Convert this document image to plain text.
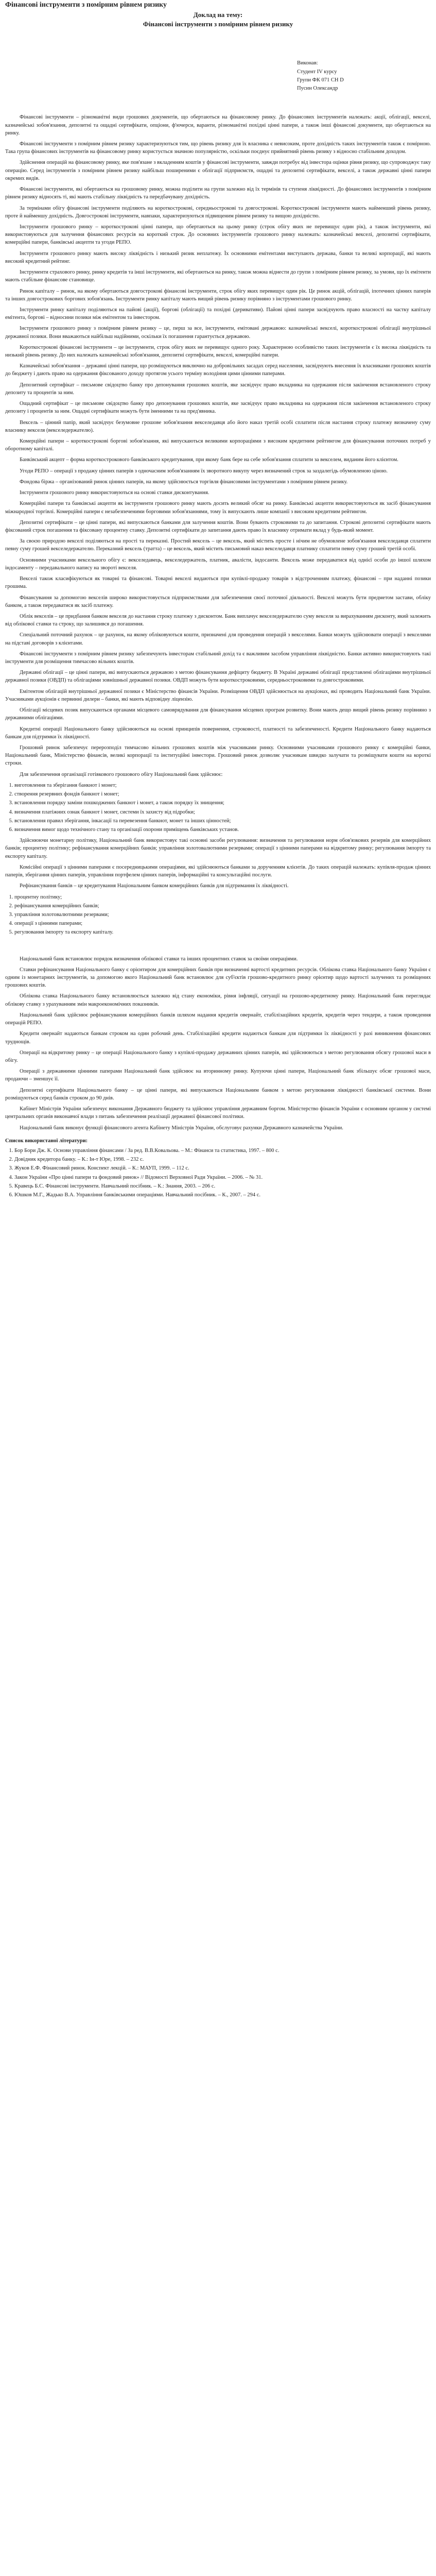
Фінансові інструменти з помірним рівнем ризику
Доклад на тему:
Фінансові інструменти з помірним рівнем ризику
Виконав:
Студент IV курсу
Групи ФК 071 СН D
Пусин Олександр

Фінансові інструменти – різноманітні види грошових документів, що обертаються на фінансовому ринку. До фінансових інструментів належать: акції, облігації, векселі, казначейські зобов'язання, депозитні та ощадні сертифікати, опціони, ф'ючерси, варанти, різноманітні похідні цінні папери, а також інші фінансові документи, що обертаються на ринку.

Фінансові інструменти з помірним рівнем ризику характеризуються тим, що рівень ризику для їх власника є невисоким, проте дохідність таких інструментів також є помірною. Така група фінансових інструментів на фінансовому ринку користується значною популярністю, оскільки поєднує прийнятний рівень ризику з відносно стабільним доходом.

Здійснення операцій на фінансовому ринку, яке пов'язане з вкладенням коштів у фінансові інструменти, завжди потребує від інвестора оцінки рівня ризику, що супроводжує таку операцію. Серед інструментів з помірним рівнем ризику найбільш поширеними є облігації підприємств, ощадні та депозитні сертифікати, векселі, а також державні цінні папери окремих видів.

Фінансові інструменти, які обертаються на грошовому ринку, можна поділити на групи залежно від їх термінів та ступеня ліквідності. До фінансових інструментів з помірним рівнем ризику відносять ті, які мають стабільну ліквідність та передбачувану дохідність.

За термінами обігу фінансові інструменти поділяють на короткострокові, середньострокові та довгострокові. Короткострокові інструменти мають найменший рівень ризику, проте й найменшу дохідність. Довгострокові інструменти, навпаки, характеризуються підвищеним рівнем ризику та вищою дохідністю.

Інструменти грошового ринку – короткострокові цінні папери, що обертаються на цьому ринку (строк обігу яких не перевищує один рік), а також інструменти, які використовуються для залучення фінансових ресурсів на короткий строк. До основних інструментів грошового ринку належать: казначейські векселі, депозитні сертифікати, комерційні папери, банківські акцепти та угоди РЕПО.

Інструменти грошового ринку мають високу ліквідність і низький ризик неплатежу. Їх основними емітентами виступають держава, банки та великі корпорації, які мають високий кредитний рейтинг.

Інструменти страхового ринку, ринку кредитів та інші інструменти, які обертаються на ринку, також можна віднести до групи з помірним рівнем ризику, за умови, що їх емітенти мають стабільне фінансове становище.

Ринок капіталу – ринок, на якому обертаються довгострокові фінансові інструменти, строк обігу яких перевищує один рік. Це ринок акцій, облігацій, іпотечних цінних паперів та інших довгострокових боргових зобов'язань. Інструменти ринку капіталу мають вищий рівень ризику порівняно з інструментами грошового ринку.

Інструменти ринку капіталу поділяються на пайові (акції), боргові (облігації) та похідні (деривативи). Пайові цінні папери засвідчують право власності на частку капіталу емітента, боргові – відносини позики між емітентом та інвестором.

Інструменти грошового ринку з помірним рівнем ризику – це, перш за все, інструменти, емітовані державою: казначейські векселі, короткострокові облігації внутрішньої державної позики. Вони вважаються найбільш надійними, оскільки їх погашення гарантується державою.

Короткострокові фінансові інструменти – це інструменти, строк обігу яких не перевищує одного року. Характерною особливістю таких інструментів є їх висока ліквідність та низький рівень ризику. До них належать казначейські зобов'язання, депозитні сертифікати, векселі, комерційні папери.

Казначейські зобов'язання – державні цінні папери, що розміщуються виключно на добровільних засадах серед населення, засвідчують внесення їх власниками грошових коштів до бюджету і дають право на одержання фіксованого доходу протягом усього терміну володіння цими цінними паперами.

Депозитний сертифікат – письмове свідоцтво банку про депонування грошових коштів, яке засвідчує право вкладника на одержання після закінчення встановленого строку депозиту та процентів за ним.

Ощадний сертифікат – це письмове свідоцтво банку про депонування грошових коштів, яке засвідчує право вкладника на одержання після закінчення встановленого строку депозиту і процентів за ним. Ощадні сертифікати можуть бути іменними та на пред'явника.

Вексель – цінний папір, який засвідчує безумовне грошове зобов'язання векселедавця або його наказ третій особі сплатити після настання строку платежу визначену суму власнику векселя (векселедержателю).

Комерційні папери – короткострокові боргові зобов'язання, які випускаються великими корпораціями з високим кредитним рейтингом для фінансування поточних потреб у оборотному капіталі.

Банківський акцепт – форма короткострокового банківського кредитування, при якому банк бере на себе зобов'язання сплатити за векселем, виданим його клієнтом.

Угоди РЕПО – операції з продажу цінних паперів з одночасним зобов'язанням їх зворотного викупу через визначений строк за заздалегідь обумовленою ціною.

Фондова біржа – організований ринок цінних паперів, на якому здійснюється торгівля фінансовими інструментами з помірним рівнем ризику.

Інструменти грошового ринку використовуються на основі ставки дисконтування.

Комерційні папери та банківські акцепти як інструменти грошового ринку мають досить великий обсяг на ринку. Банківські акцепти використовуються як засіб фінансування міжнародної торгівлі. Комерційні папери є незабезпеченими борговими зобов'язаннями, тому їх випускають лише компанії з високим кредитним рейтингом.

Депозитні сертифікати – це цінні папери, які випускаються банками для залучення коштів. Вони бувають строковими та до запитання. Строкові депозитні сертифікати мають фіксований строк погашення та фіксовану процентну ставку. Депозитні сертифікати до запитання дають право їх власнику отримати вклад у будь-який момент.

За своєю природою векселі поділяються на прості та переказні. Простий вексель – це вексель, який містить просте і нічим не обумовлене зобов'язання векселедавця сплатити певну суму грошей векселедержателю. Переказний вексель (тратта) – це вексель, який містить письмовий наказ векселедавця платнику сплатити певну суму грошей третій особі.

Основними учасниками вексельного обігу є: векселедавець, векселедержатель, платник, авалісти, індосанти. Вексель може передаватися від однієї особи до іншої шляхом індосаменту – передавального напису на звороті векселя.

Векселі також класифікуються як товарні та фінансові. Товарні векселі видаються при купівлі-продажу товарів з відстроченням платежу, фінансові – при наданні позики грошима.

Фінансування за допомогою векселів широко використовується підприємствами для забезпечення своєї поточної діяльності. Векселі можуть бути предметом застави, обліку банком, а також передаватися як засіб платежу.

Облік векселів – це придбання банком векселя до настання строку платежу з дисконтом. Банк виплачує векселедержателю суму векселя за вирахуванням дисконту, який залежить від облікової ставки та строку, що залишився до погашення.

Спеціальний поточний рахунок – це рахунок, на якому обліковуються кошти, призначені для проведення операцій з векселями. Банки можуть здійснювати операції з векселями на підставі договорів з клієнтами.

Фінансові інструменти з помірним рівнем ризику забезпечують інвесторам стабільний дохід та є важливим засобом управління ліквідністю. Банки активно використовують такі інструменти для розміщення тимчасово вільних коштів.

Державні облігації – це цінні папери, які випускаються державою з метою фінансування дефіциту бюджету. В Україні державні облігації представлені облігаціями внутрішньої державної позики (ОВДП) та облігаціями зовнішньої державної позики. ОВДП можуть бути короткостроковими, середньостроковими та довгостроковими.

Емітентом облігацій внутрішньої державної позики є Міністерство фінансів України. Розміщення ОВДП здійснюється на аукціонах, які проводить Національний банк України. Учасниками аукціонів є первинні дилери – банки, які мають відповідну ліцензію.

Облігації місцевих позик випускаються органами місцевого самоврядування для фінансування місцевих програм розвитку. Вони мають дещо вищий рівень ризику порівняно з державними облігаціями.

Кредитні операції Національного банку здійснюються на основі принципів повернення, строковості, платності та забезпеченості. Кредити Національного банку надаються банкам для підтримки їх ліквідності.

Грошовий ринок забезпечує перерозподіл тимчасово вільних грошових коштів між учасниками ринку. Основними учасниками грошового ринку є комерційні банки, Національний банк, Міністерство фінансів, великі корпорації та інституційні інвестори. Грошовий ринок дозволяє учасникам швидко залучати та розміщувати кошти на короткі строки.

Для забезпечення організації готівкового грошового обігу Національний банк здійснює:

1. виготовлення та зберігання банкнот і монет;
2. створення резервних фондів банкнот і монет;
3. встановлення порядку заміни пошкоджених банкнот і монет, а також порядку їх знищення;
4. визначення платіжних ознак банкнот і монет, системи їх захисту від підробки;
5. встановлення правил зберігання, інкасації та перевезення банкнот, монет та інших цінностей;
6. визначення вимог щодо технічного стану та організації охорони приміщень банківських установ.

Здійснюючи монетарну політику, Національний банк використовує такі основні засоби регулювання: визначення та регулювання норм обов'язкових резервів для комерційних банків; процентну політику; рефінансування комерційних банків; управління золотовалютними резервами; операції з цінними паперами на відкритому ринку; регулювання імпорту та експорту капіталу.

Комісійні операції з цінними паперами є посередницькими операціями, які здійснюються банками за дорученням клієнтів. До таких операцій належать: купівля-продаж цінних паперів, зберігання цінних паперів, управління портфелем цінних паперів, інформаційні та консультаційні послуги.

Рефінансування банків – це кредитування Національним банком комерційних банків для підтримання їх ліквідності.

1. процентну політику;
2. рефінансування комерційних банків;
3. управління золотовалютними резервами;
4. операції з цінними паперами;
5. регулювання імпорту та експорту капіталу.

Національний банк встановлює порядок визначення облікової ставки та інших процентних ставок за своїми операціями.

Ставки рефінансування Національного банку є орієнтиром для комерційних банків при визначенні вартості кредитних ресурсів. Облікова ставка Національного банку України є одним із монетарних інструментів, за допомогою якого Національний банк встановлює для суб'єктів грошово-кредитного ринку орієнтир щодо вартості залучених та розміщених грошових коштів.

Облікова ставка Національного банку встановлюється залежно від стану економіки, рівня інфляції, ситуації на грошово-кредитному ринку. Національний банк переглядає облікову ставку з урахуванням змін макроекономічних показників.

Національний банк здійснює рефінансування комерційних банків шляхом надання кредитів овернайт, стабілізаційних кредитів, кредитів через тендери, а також проведення операцій РЕПО.

Кредити овернайт надаються банкам строком на один робочий день. Стабілізаційні кредити надаються банкам для підтримки їх ліквідності у разі виникнення фінансових труднощів.

Операції на відкритому ринку – це операції Національного банку з купівлі-продажу державних цінних паперів, які здійснюються з метою регулювання обсягу грошової маси в обігу.

Операції з державними цінними паперами Національний банк здійснює на вторинному ринку. Купуючи цінні папери, Національний банк збільшує обсяг грошової маси, продаючи – зменшує її.

Депозитні сертифікати Національного банку – це цінні папери, які випускаються Національним банком з метою регулювання ліквідності банківської системи. Вони розміщуються серед банків строком до 90 днів.

Кабінет Міністрів України забезпечує виконання Державного бюджету та здійснює управління державним боргом. Міністерство фінансів України є основним органом у системі центральних органів виконавчої влади з питань забезпечення реалізації державної фінансової політики.

Національний банк виконує функції фінансового агента Кабінету Міністрів України, обслуговує рахунки Державного казначейства України.

Список використаної літератури:
1. Бор Бори Дж. К. Основи управління фінансами / За ред. В.В.Ковальова. – М.: Фінанси та статистика, 1997. – 800 с.
2. Довідник кредитора банку. – К.: Ін-т Юре, 1998. – 232 с.
3. Жуков Е.Ф. Фінансовий ринок. Конспект лекцій. – К.: МАУП, 1999. – 112 с.
4. Закон України «Про цінні папери та фондовий ринок» // Відомості Верховної Ради України. – 2006. – № 31.
5. Кравець Б.С. Фінансові інструменти. Навчальний посібник. – К.: Знання, 2003. – 206 с.
6. Юшков М.Г., Жадько В.А. Управління банківськими операціями. Навчальний посібник. – К., 2007. – 294 с.
